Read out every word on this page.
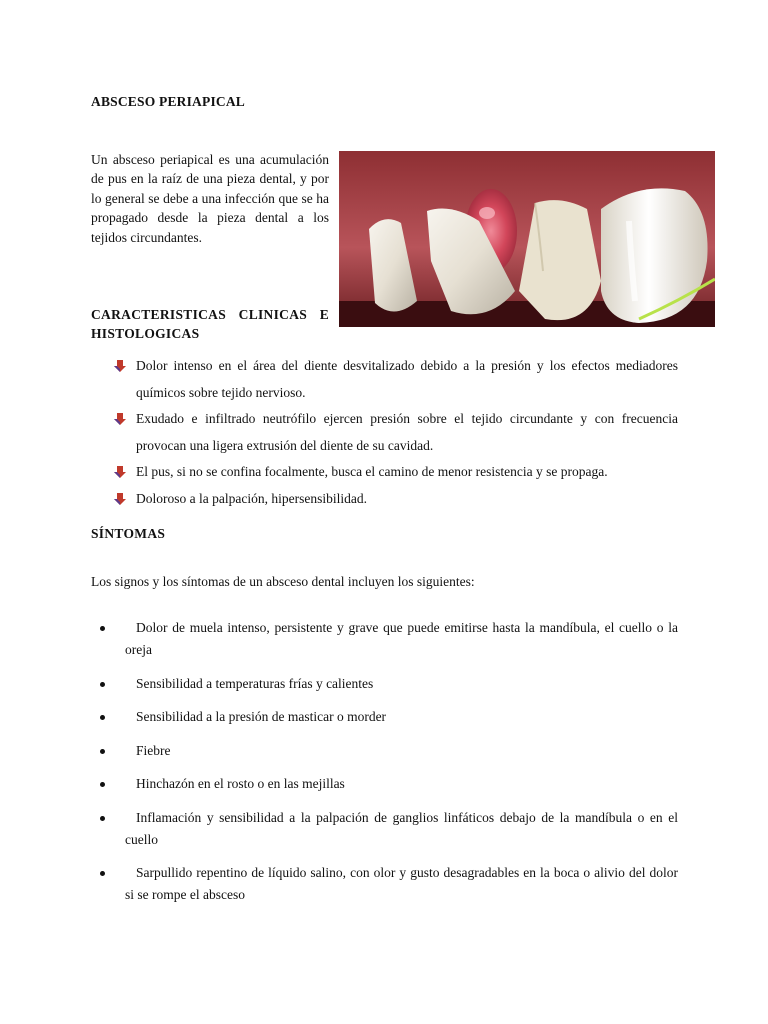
ABSCESO PERIAPICAL

Un absceso periapical es una acumulación de pus en la raíz de una pieza dental, y por lo general se debe a una infección que se ha propagado desde la pieza dental a los tejidos circundantes.

CARACTERISTICAS CLINICAS E HISTOLOGICAS
Dolor intenso en el área del diente desvitalizado debido a la presión y los efectos mediadores químicos sobre tejido nervioso.
Exudado e infiltrado neutrófilo ejercen presión sobre el tejido circundante y con frecuencia provocan una ligera extrusión del diente de su cavidad.
El pus, si no se confina focalmente, busca el camino de menor resistencia y se propaga.
Doloroso a la palpación, hipersensibilidad.
SÍNTOMAS

Los signos y los síntomas de un absceso dental incluyen los siguientes:

Dolor de muela intenso, persistente y grave que puede emitirse hasta la mandíbula, el cuello o la oreja
Sensibilidad a temperaturas frías y calientes
Sensibilidad a la presión de masticar o morder
Fiebre
Hinchazón en el rosto o en las mejillas
Inflamación y sensibilidad a la palpación de ganglios linfáticos debajo de la mandíbula o en el cuello
Sarpullido repentino de líquido salino, con olor y gusto desagradables en la boca o alivio del dolor si se rompe el absceso
